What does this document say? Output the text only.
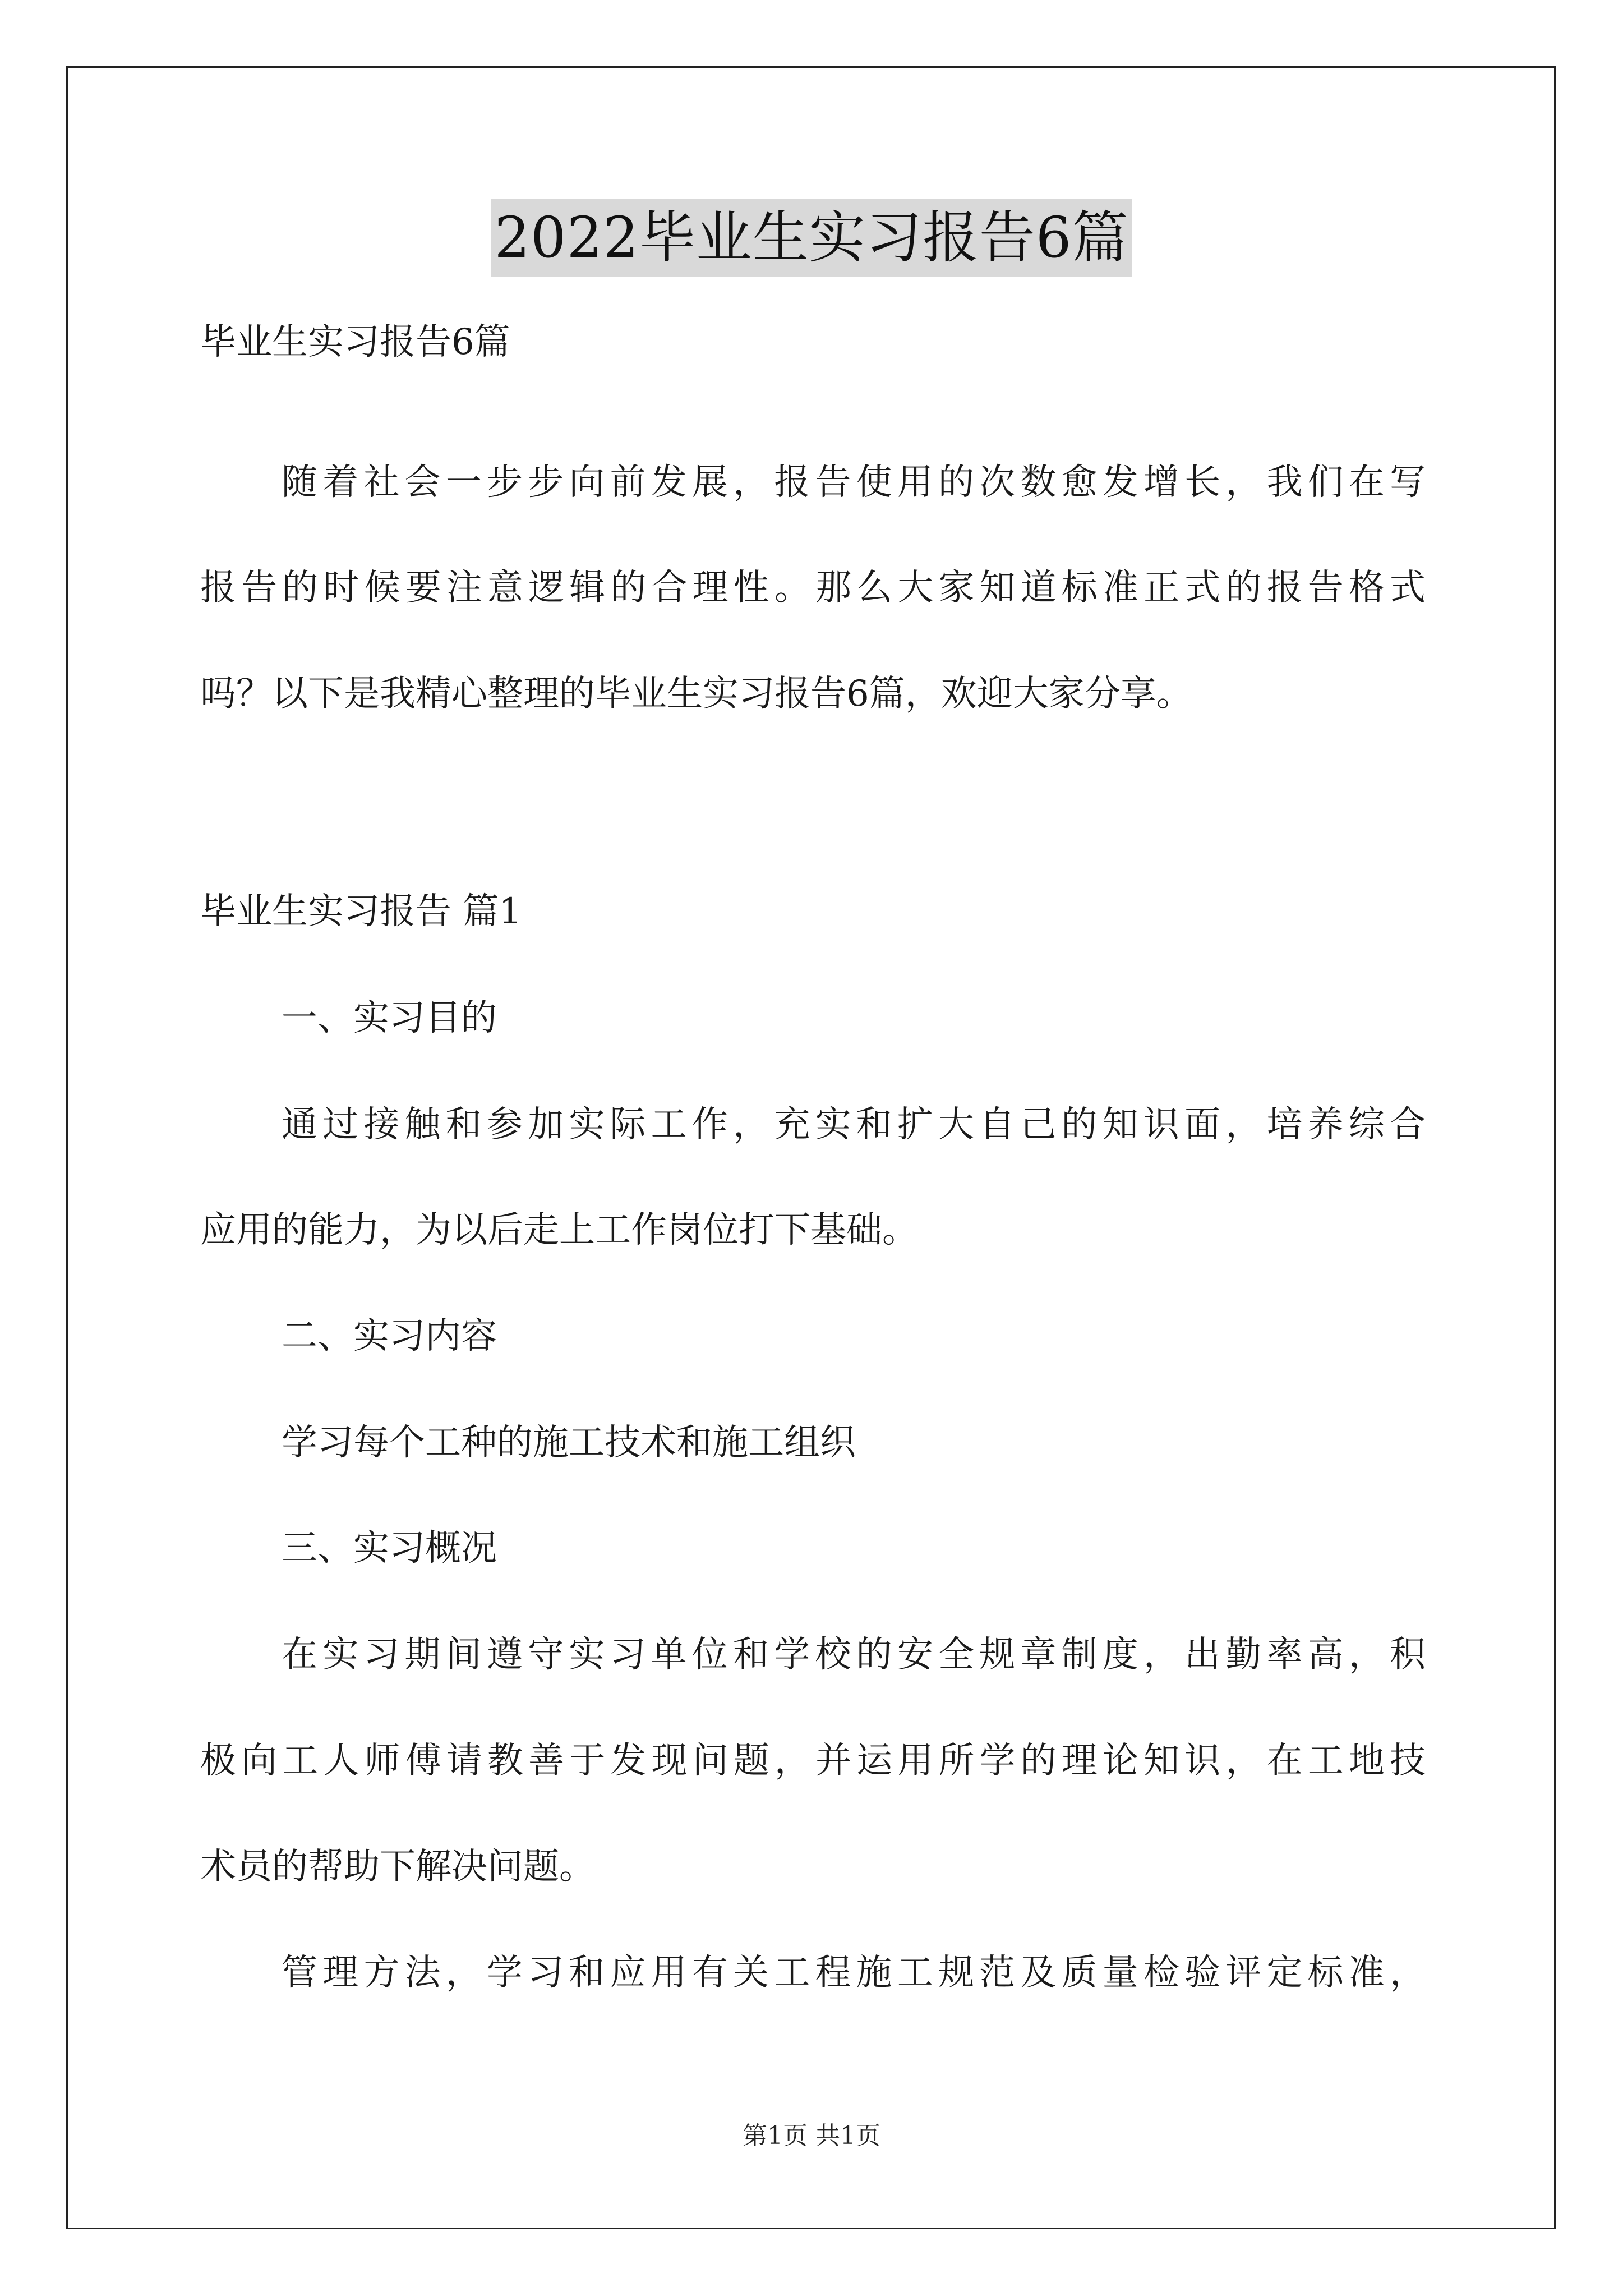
2022毕业生实习报告6篇
毕业生实习报告6篇
随着社会一步步向前发展，报告使用的次数愈发增长，我们在写
报告的时候要注意逻辑的合理性。那么大家知道标准正式的报告格式
吗？以下是我精心整理的毕业生实习报告6篇，欢迎大家分享。
毕业生实习报告 篇1
一、实习目的
通过接触和参加实际工作，充实和扩大自己的知识面，培养综合
应用的能力，为以后走上工作岗位打下基础。
二、实习内容
学习每个工种的施工技术和施工组织
三、实习概况
在实习期间遵守实习单位和学校的安全规章制度，出勤率高，积
极向工人师傅请教善于发现问题，并运用所学的理论知识，在工地技
术员的帮助下解决问题。
管理方法，学习和应用有关工程施工规范及质量检验评定标准，
第1页 共1页
